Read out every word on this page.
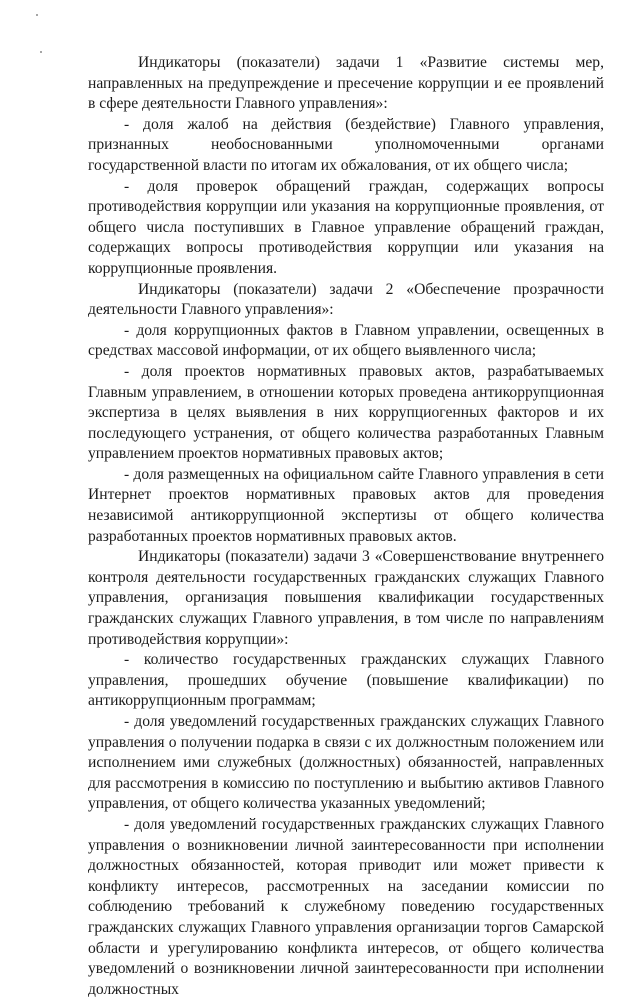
Индикаторы (показатели) задачи 1 «Развитие системы мер, направленных на предупреждение и пресечение коррупции и ее проявлений в сфере деятельности Главного управления»:

- доля жалоб на действия (бездействие) Главного управления, признанных необоснованными уполномоченными органами государственной власти по итогам их обжалования, от их общего числа;

- доля проверок обращений граждан, содержащих вопросы противодействия коррупции или указания на коррупционные проявления, от общего числа поступивших в Главное управление обращений граждан, содержащих вопросы противодействия коррупции или указания на коррупционные проявления.

Индикаторы (показатели) задачи 2 «Обеспечение прозрачности деятельности Главного управления»:

- доля коррупционных фактов в Главном управлении, освещенных в средствах массовой информации, от их общего выявленного числа;

- доля проектов нормативных правовых актов, разрабатываемых Главным управлением, в отношении которых проведена антикоррупционная экспертиза в целях выявления в них коррупциогенных факторов и их последующего устранения, от общего количества разработанных Главным управлением проектов нормативных правовых актов;

- доля размещенных на официальном сайте Главного управления в сети Интернет проектов нормативных правовых актов для проведения независимой антикоррупционной экспертизы от общего количества разработанных проектов нормативных правовых актов.

Индикаторы (показатели) задачи 3 «Совершенствование внутреннего контроля деятельности государственных гражданских служащих Главного управления, организация повышения квалификации государственных гражданских служащих Главного управления, в том числе по направлениям противодействия коррупции»:

- количество государственных гражданских служащих Главного управления, прошедших обучение (повышение квалификации) по антикоррупционным программам;

- доля уведомлений государственных гражданских служащих Главного управления о получении подарка в связи с их должностным положением или исполнением ими служебных (должностных) обязанностей, направленных для рассмотрения в комиссию по поступлению и выбытию активов Главного управления, от общего количества указанных уведомлений;

- доля уведомлений государственных гражданских служащих Главного управления о возникновении личной заинтересованности при исполнении должностных обязанностей, которая приводит или может привести к конфликту интересов, рассмотренных на заседании комиссии по соблюдению требований к служебному поведению государственных гражданских служащих Главного управления организации торгов Самарской области и урегулированию конфликта интересов, от общего количества уведомлений о возникновении личной заинтересованности при исполнении должностных
